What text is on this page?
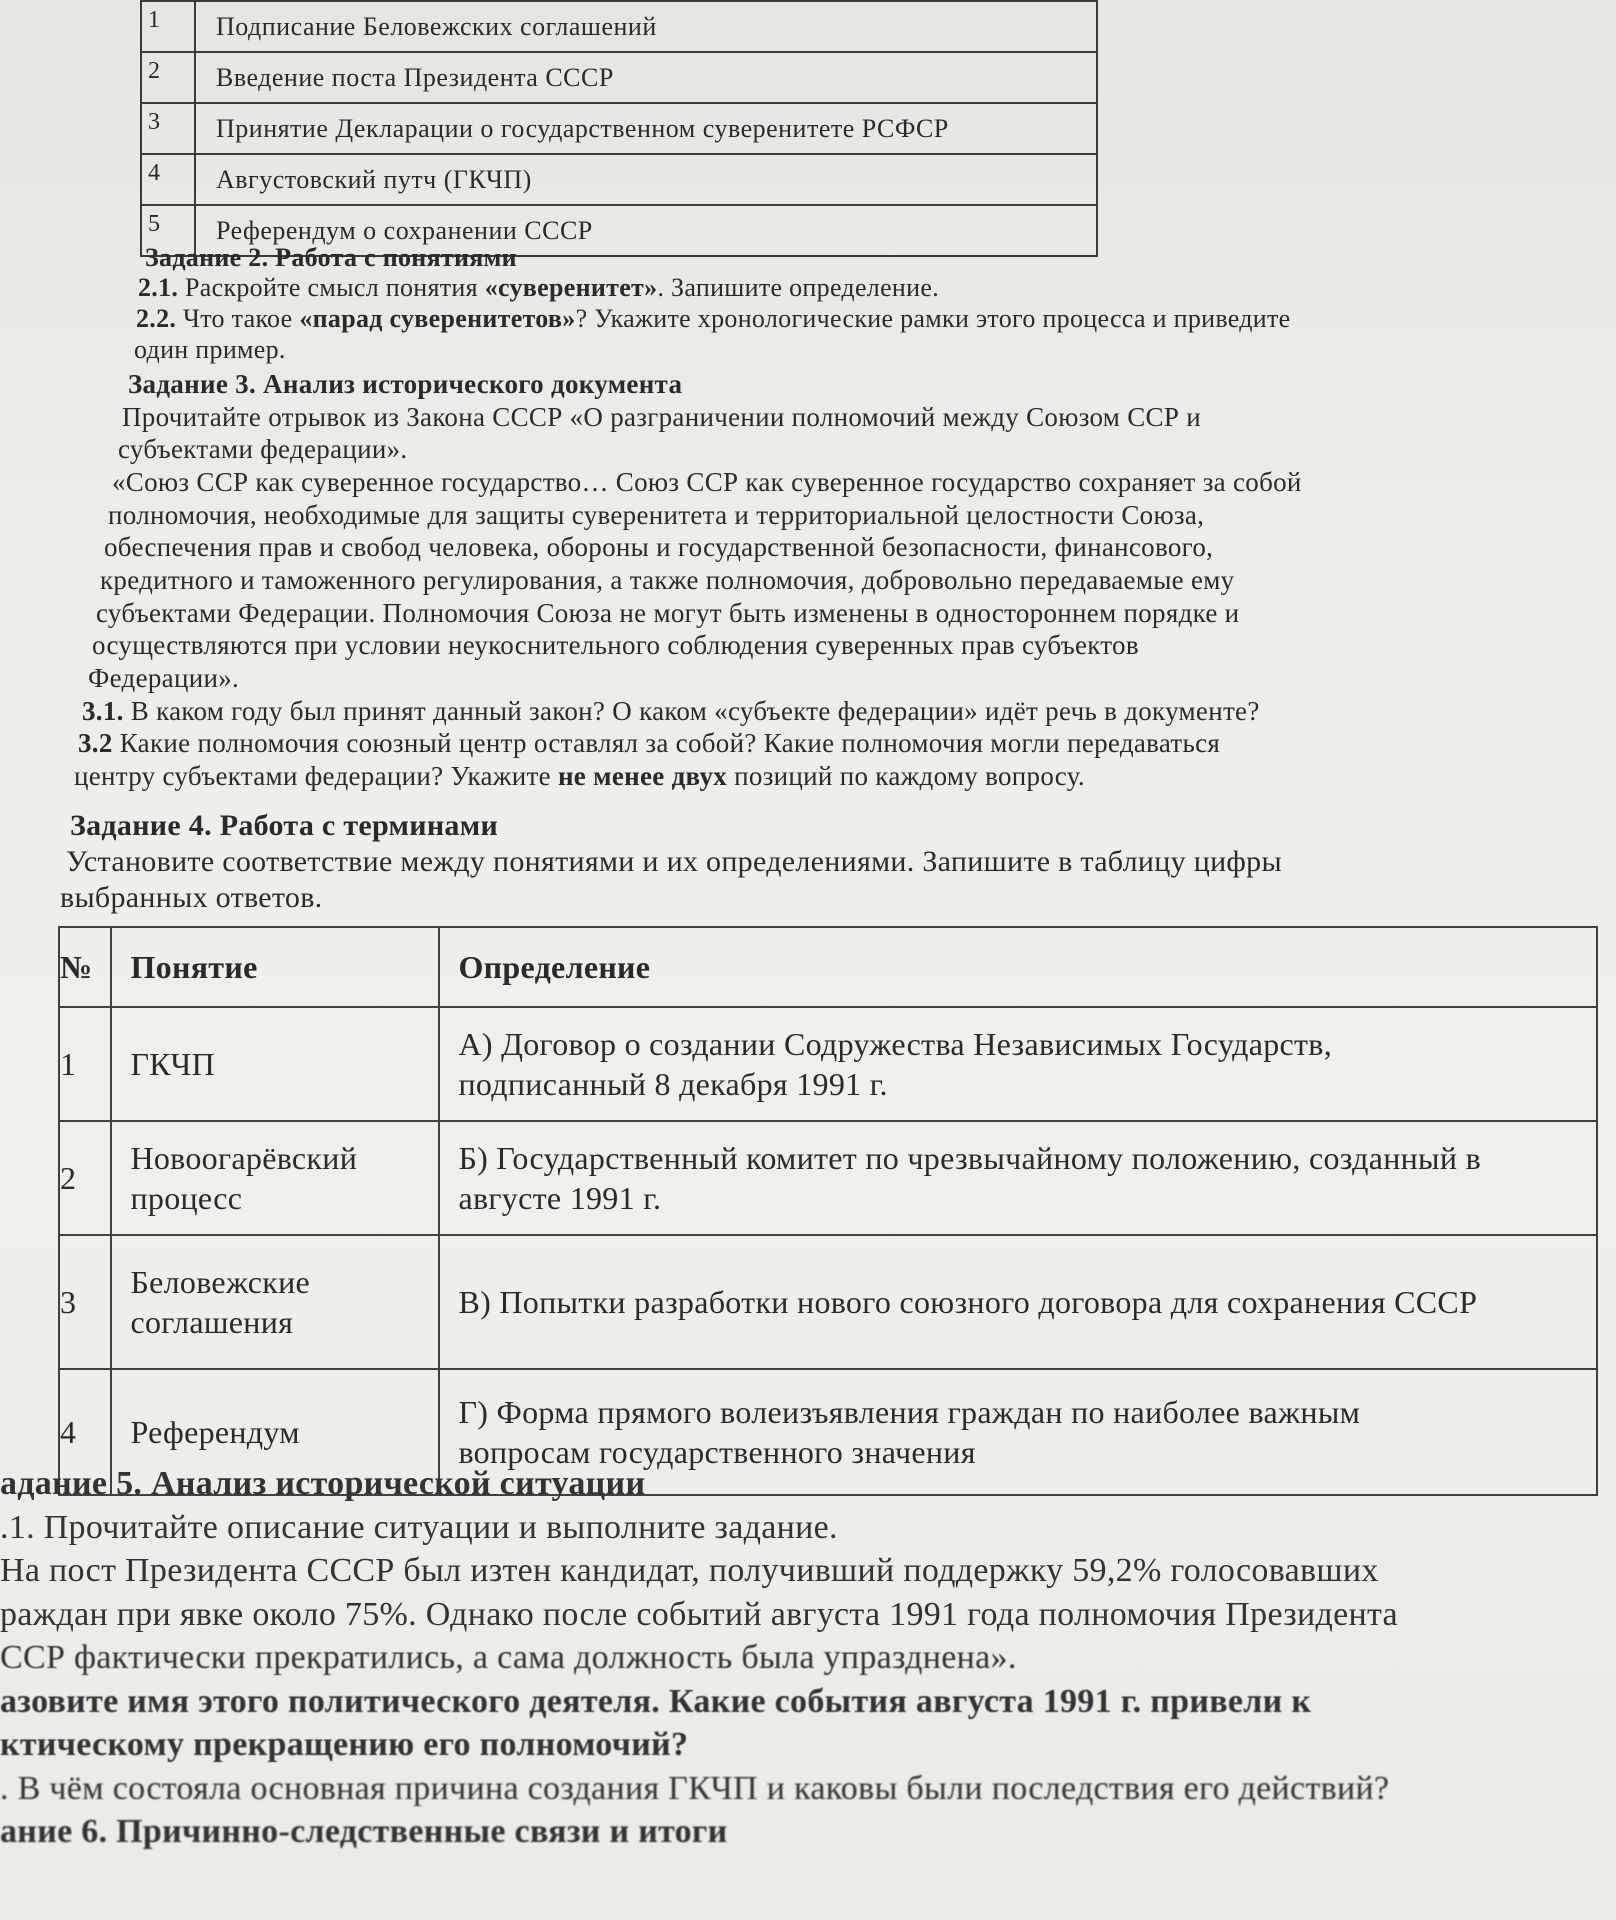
1	Подписание Беловежских соглашений
2	Введение поста Президента СССР
3	Принятие Декларации о государственном суверенитете РСФСР
4	Августовский путч (ГКЧП)
5	Референдум о сохранении СССР
Задание 2. Работа с понятиями
2.1. Раскройте смысл понятия «суверенитет». Запишите определение.
2.2. Что такое «парад суверенитетов»? Укажите хронологические рамки этого процесса и приведите
один пример.
Задание 3. Анализ исторического документа
Прочитайте отрывок из Закона СССР «О разграничении полномочий между Союзом ССР и
субъектами федерации».
«Союз ССР как суверенное государство… Союз ССР как суверенное государство сохраняет за собой
полномочия, необходимые для защиты суверенитета и территориальной целостности Союза,
обеспечения прав и свобод человека, обороны и государственной безопасности, финансового,
кредитного и таможенного регулирования, а также полномочия, добровольно передаваемые ему
субъектами Федерации. Полномочия Союза не могут быть изменены в одностороннем порядке и
осуществляются при условии неукоснительного соблюдения суверенных прав субъектов
Федерации».
3.1. В каком году был принят данный закон? О каком «субъекте федерации» идёт речь в документе?
3.2 Какие полномочия союзный центр оставлял за собой? Какие полномочия могли передаваться
центру субъектами федерации? Укажите не менее двух позиций по каждому вопросу.
Задание 4. Работа с терминами
Установите соответствие между понятиями и их определениями. Запишите в таблицу цифры
выбранных ответов.
№	Понятие	Определение
1	ГКЧП	А) Договор о создании Содружества Независимых Государств,
подписанный 8 декабря 1991 г.

2	Новоогарёвский
процесс	Б) Государственный комитет по чрезвычайному положению, созданный в
августе 1991 г.

3	Беловежские
соглашения	В) Попытки разработки нового союзного договора для сохранения СССР

4	Референдум	Г) Форма прямого волеизъявления граждан по наиболее важным
вопросам государственного значения
адание 5. Анализ исторической ситуации
.1. Прочитайте описание ситуации и выполните задание.
На пост Президента СССР был изтен кандидат, получивший поддержку 59,2% голосовавших
раждан при явке около 75%. Однако после событий августа 1991 года полномочия Президента
ССР фактически прекратились, а сама должность была упразднена».
азовите имя этого политического деятеля. Какие события августа 1991 г. привели к
ктическому прекращению его полномочий?
. В чём состояла основная причина создания ГКЧП и каковы были последствия его действий?
ание 6. Причинно-следственные связи и итоги
